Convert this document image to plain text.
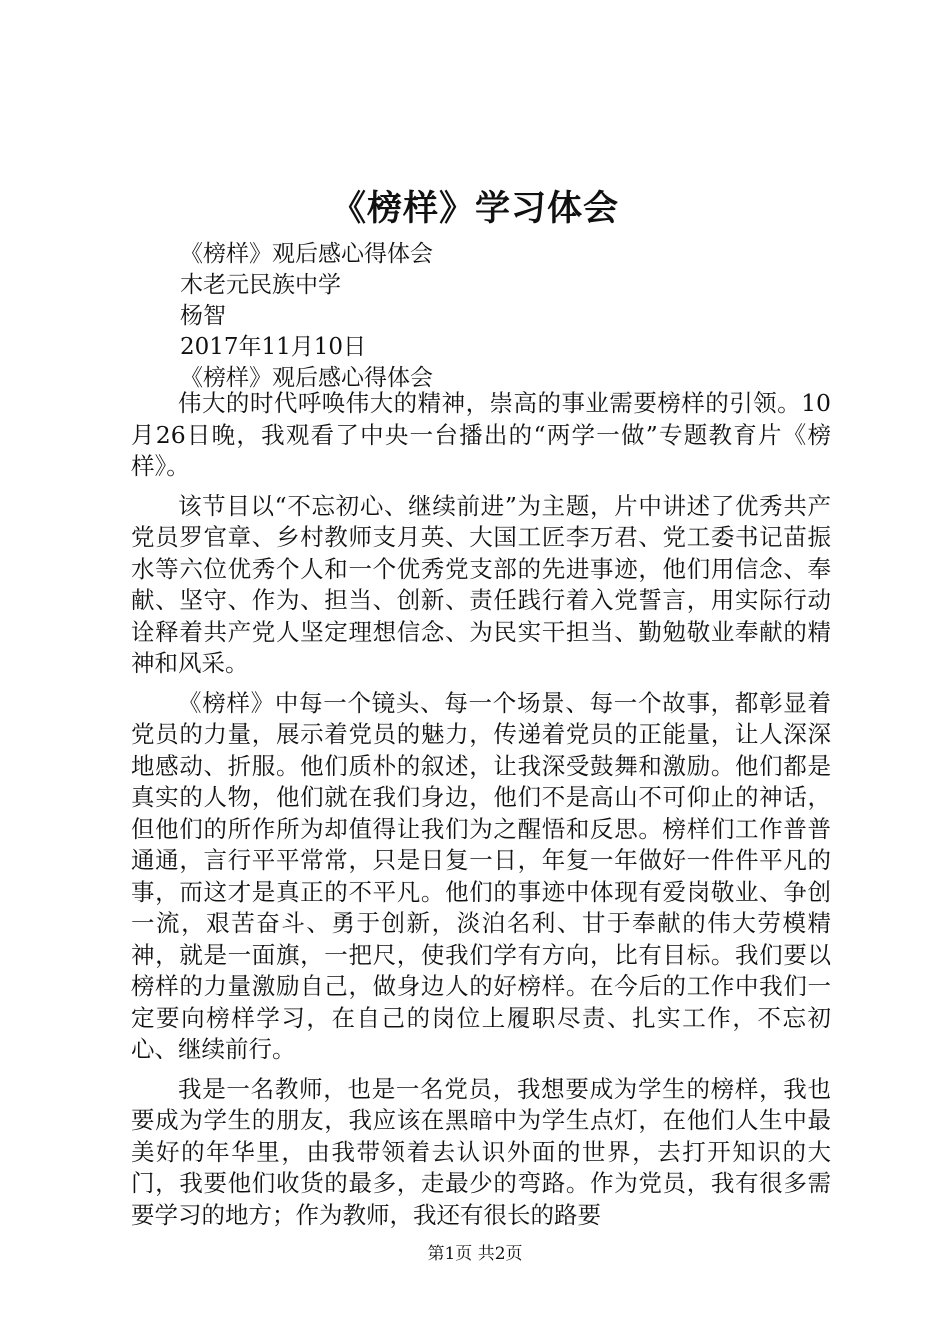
《榜样》学习体会
《榜样》观后感心得体会
木老元民族中学
杨智
2017年11月10日
《榜样》观后感心得体会

伟大的时代呼唤伟大的精神，崇高的事业需要榜样的引领。10月26日晚，我观看了中央一台播出的“两学一做”专题教育片《榜样》。

该节目以“不忘初心、继续前进”为主题，片中讲述了优秀共产党员罗官章、乡村教师支月英、大国工匠李万君、党工委书记苗振水等六位优秀个人和一个优秀党支部的先进事迹，他们用信念、奉献、坚守、作为、担当、创新、责任践行着入党誓言，用实际行动诠释着共产党人坚定理想信念、为民实干担当、勤勉敬业奉献的精神和风采。

《榜样》中每一个镜头、每一个场景、每一个故事，都彰显着党员的力量，展示着党员的魅力，传递着党员的正能量，让人深深地感动、折服。他们质朴的叙述，让我深受鼓舞和激励。他们都是真实的人物，他们就在我们身边，他们不是高山不可仰止的神话，但他们的所作所为却值得让我们为之醒悟和反思。榜样们工作普普通通，言行平平常常，只是日复一日，年复一年做好一件件平凡的事，而这才是真正的不平凡。他们的事迹中体现有爱岗敬业、争创一流，艰苦奋斗、勇于创新，淡泊名利、甘于奉献的伟大劳模精神，就是一面旗，一把尺，使我们学有方向，比有目标。我们要以榜样的力量激励自己，做身边人的好榜样。在今后的工作中我们一定要向榜样学习，在自己的岗位上履职尽责、扎实工作，不忘初心、继续前行。

我是一名教师，也是一名党员，我想要成为学生的榜样，我也要成为学生的朋友，我应该在黑暗中为学生点灯，在他们人生中最美好的年华里，由我带领着去认识外面的世界，去打开知识的大门，我要他们收货的最多，走最少的弯路。作为党员，我有很多需要学习的地方；作为教师，我还有很长的路要

第1页 共2页
